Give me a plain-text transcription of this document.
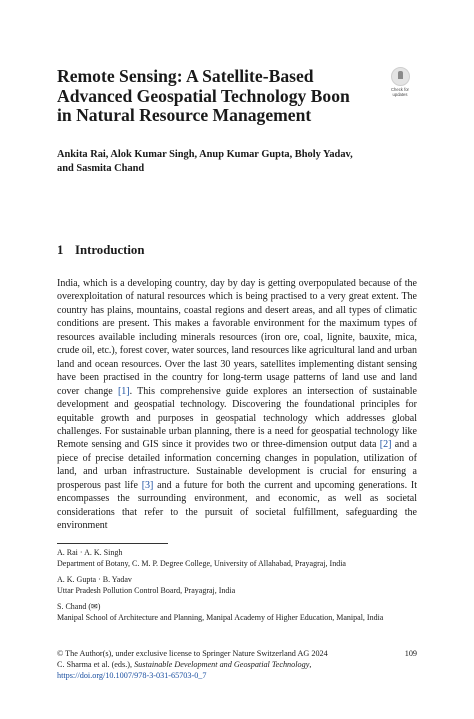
Remote Sensing: A Satellite-Based Advanced Geospatial Technology Boon in Natural Resource Management
Check for
updates
Ankita Rai, Alok Kumar Singh, Anup Kumar Gupta, Bholy Yadav,
and Sasmita Chand
1 Introduction

India, which is a developing country, day by day is getting overpopulated because of the overexploitation of natural resources which is being practised to a very great extent. The country has plains, mountains, coastal regions and desert areas, and all types of climatic conditions are present. This makes a favorable environment for the maximum types of resources available including minerals resources (iron ore, coal, lignite, bauxite, mica, crude oil, etc.), forest cover, water sources, land resources like agricultural land and urban land and ocean resources. Over the last 30 years, satellites implementing distant sensing have been practised in the country for long-term usage patterns of land use and land cover change [1]. This comprehensive guide explores an intersection of sustainable development and geospatial technology. Discovering the foundational principles for equitable growth and purposes in geospatial technology which addresses global challenges. For sustainable urban planning, there is a need for geospatial technology like Remote sensing and GIS since it provides two or three-dimension output data [2] and a piece of precise detailed information concerning changes in population, utilization of land, and urban infrastructure. Sustainable development is crucial for ensuring a prosperous past life [3] and a future for both the current and upcoming generations. It encompasses the surrounding environment, and economic, as well as societal considerations that refer to the pursuit of societal fulfillment, safeguarding the environment

A. Rai · A. K. Singh

Department of Botany, C. M. P. Degree College, University of Allahabad, Prayagraj, India

A. K. Gupta · B. Yadav

Uttar Pradesh Pollution Control Board, Prayagraj, India

S. Chand (✉)

Manipal School of Architecture and Planning, Manipal Academy of Higher Education, Manipal, India

© The Author(s), under exclusive license to Springer Nature Switzerland AG 2024

C. Sharma et al. (eds.), Sustainable Development and Geospatial Technology,

https://doi.org/10.1007/978-3-031-65703-0_7

109
